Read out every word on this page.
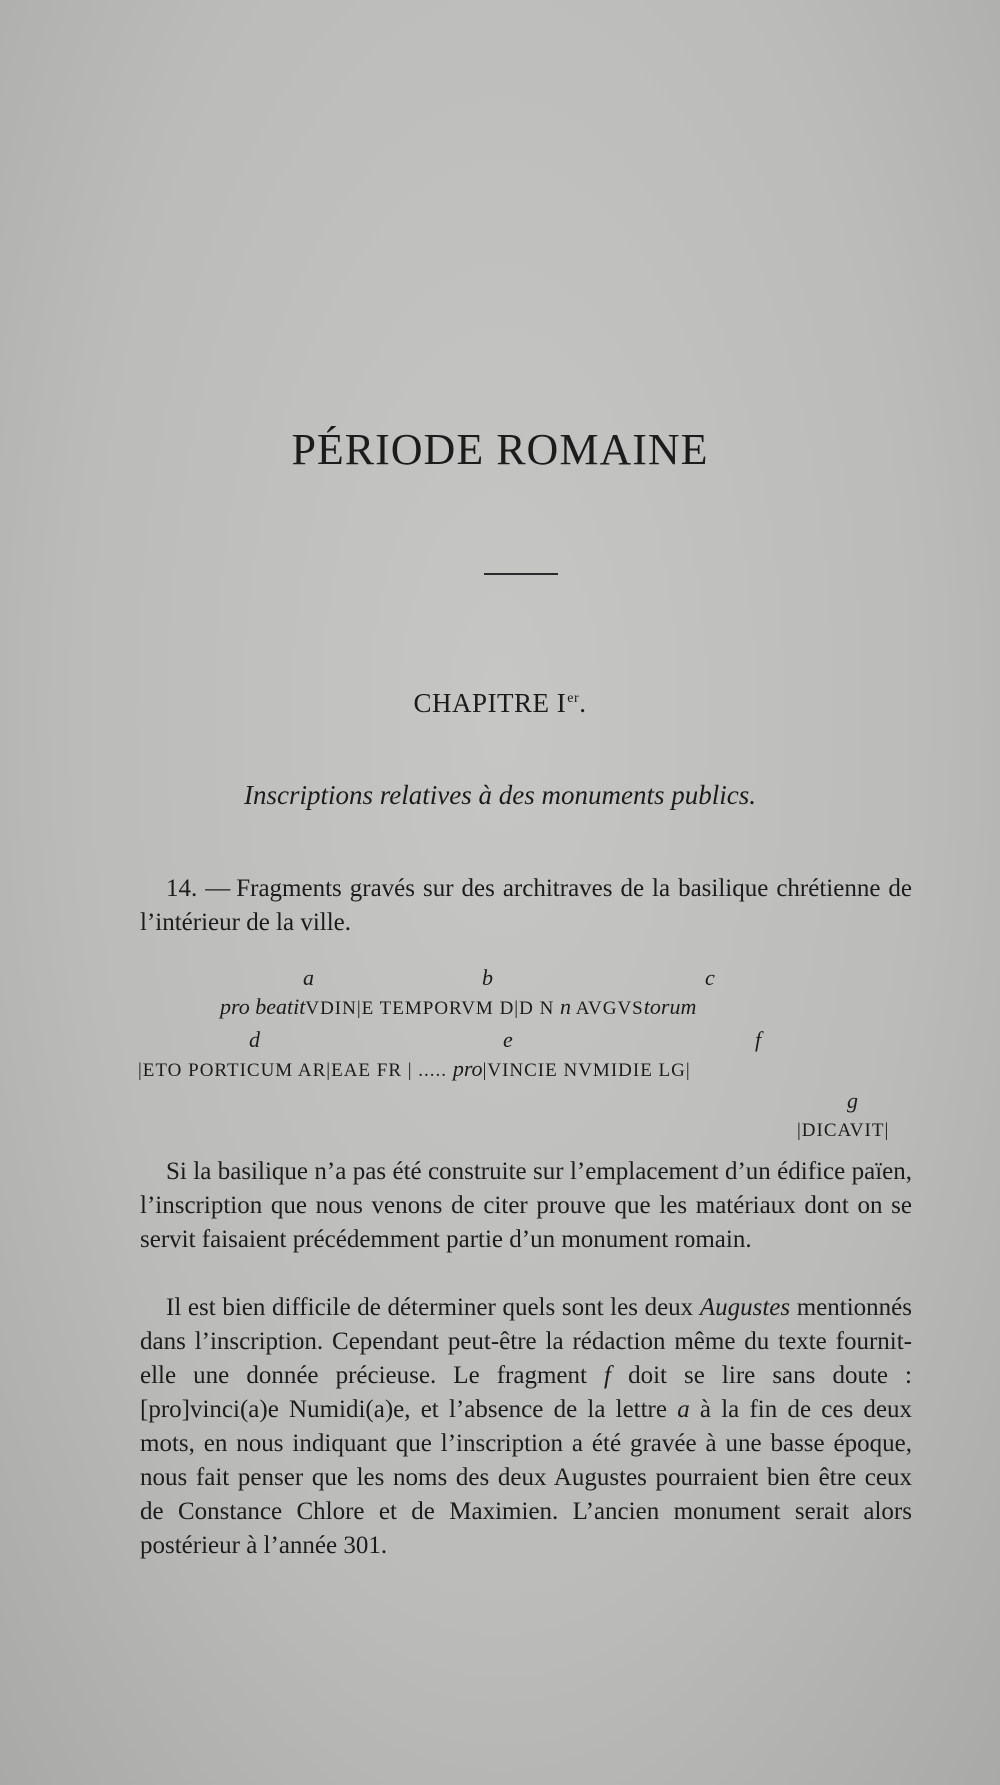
PÉRIODE ROMAINE
CHAPITRE Ier.
Inscriptions relatives à des monuments publics.

14. — Fragments gravés sur des architraves de la basilique chrétienne de l’intérieur de la ville.

a	b	c
pro beatitVDIN|E TEMPORVM D|D N n AVGVStorum
d	e	f
|ETO PORTICUM AR|EAE FR | ..... pro|VINCIE NVMIDIE LG|
g
|DICAVIT|

Si la basilique n’a pas été construite sur l’emplacement d’un édifice païen, l’inscription que nous venons de citer prouve que les matériaux dont on se servit faisaient précédemment partie d’un monument romain.

Il est bien difficile de déterminer quels sont les deux Augustes mentionnés dans l’inscription. Cependant peut-être la rédaction même du texte fournit-elle une donnée précieuse. Le fragment f doit se lire sans doute : [pro]vinci(a)e Numidi(a)e, et l’absence de la lettre a à la fin de ces deux mots, en nous indiquant que l’inscription a été gravée à une basse époque, nous fait penser que les noms des deux Augustes pourraient bien être ceux de Constance Chlore et de Maximien. L’ancien monument serait alors postérieur à l’année 301.
